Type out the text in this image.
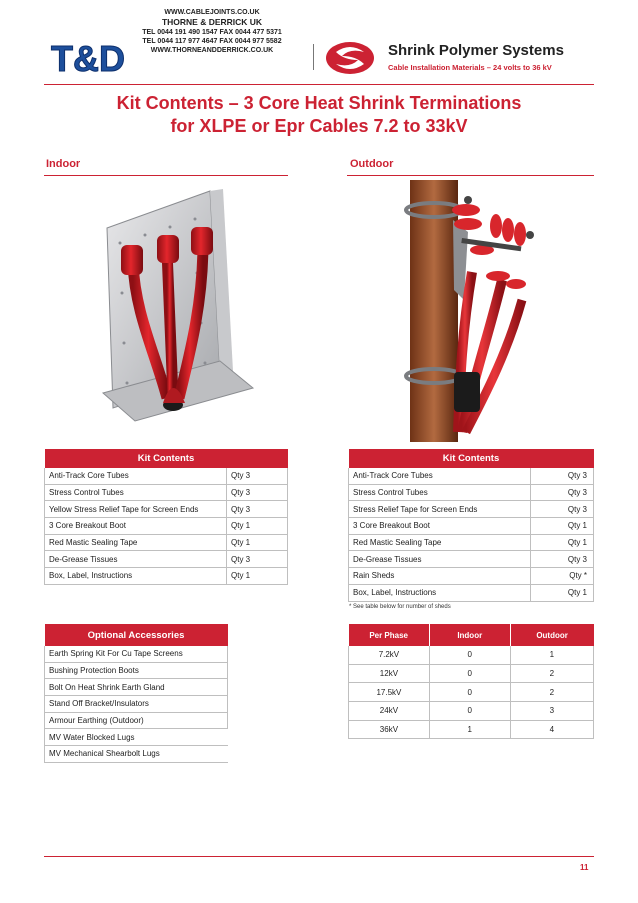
T&D
WWW.CABLEJOINTS.CO.UK
THORNE & DERRICK UK
TEL 0044 191 490 1547 FAX 0044 477 5371
TEL 0044 117 977 4647 FAX 0044 977 5582
WWW.THORNEANDDERRICK.CO.UK	Shrink Polymer Systems
Cable Installation Materials – 24 volts to 36 kV
Kit Contents – 3 Core Heat Shrink Terminations
for XLPE or Epr Cables 7.2 to 33kV
Indoor	Outdoor
Kit Contents	
Anti-Track Core Tubes	Qty 3
Stress Control Tubes	Qty 3
Yellow Stress Relief Tape for Screen Ends	Qty 3
3 Core Breakout Boot	Qty 1
Red Mastic Sealing Tape	Qty 1
De-Grease Tissues	Qty 3
Box, Label, Instructions	Qty 1
Kit Contents	
Anti-Track Core Tubes	Qty 3
Stress Control Tubes	Qty 3
Stress Relief Tape for Screen Ends	Qty 3
3 Core Breakout Boot	Qty 1
Red Mastic Sealing Tape	Qty 1
De-Grease Tissues	Qty 3
Rain Sheds	Qty *
Box, Label, Instructions	Qty 1
* See table below for number of sheds
Optional Accessories
Earth Spring Kit For Cu Tape Screens
Bushing Protection Boots
Bolt On Heat Shrink Earth Gland
Stand Off Bracket/Insulators
Armour Earthing (Outdoor)
MV Water Blocked Lugs
MV Mechanical Shearbolt Lugs
Per Phase	Indoor	Outdoor
7.2kV	0	1
12kV	0	2
17.5kV	0	2
24kV	0	3
36kV	1	4
11
